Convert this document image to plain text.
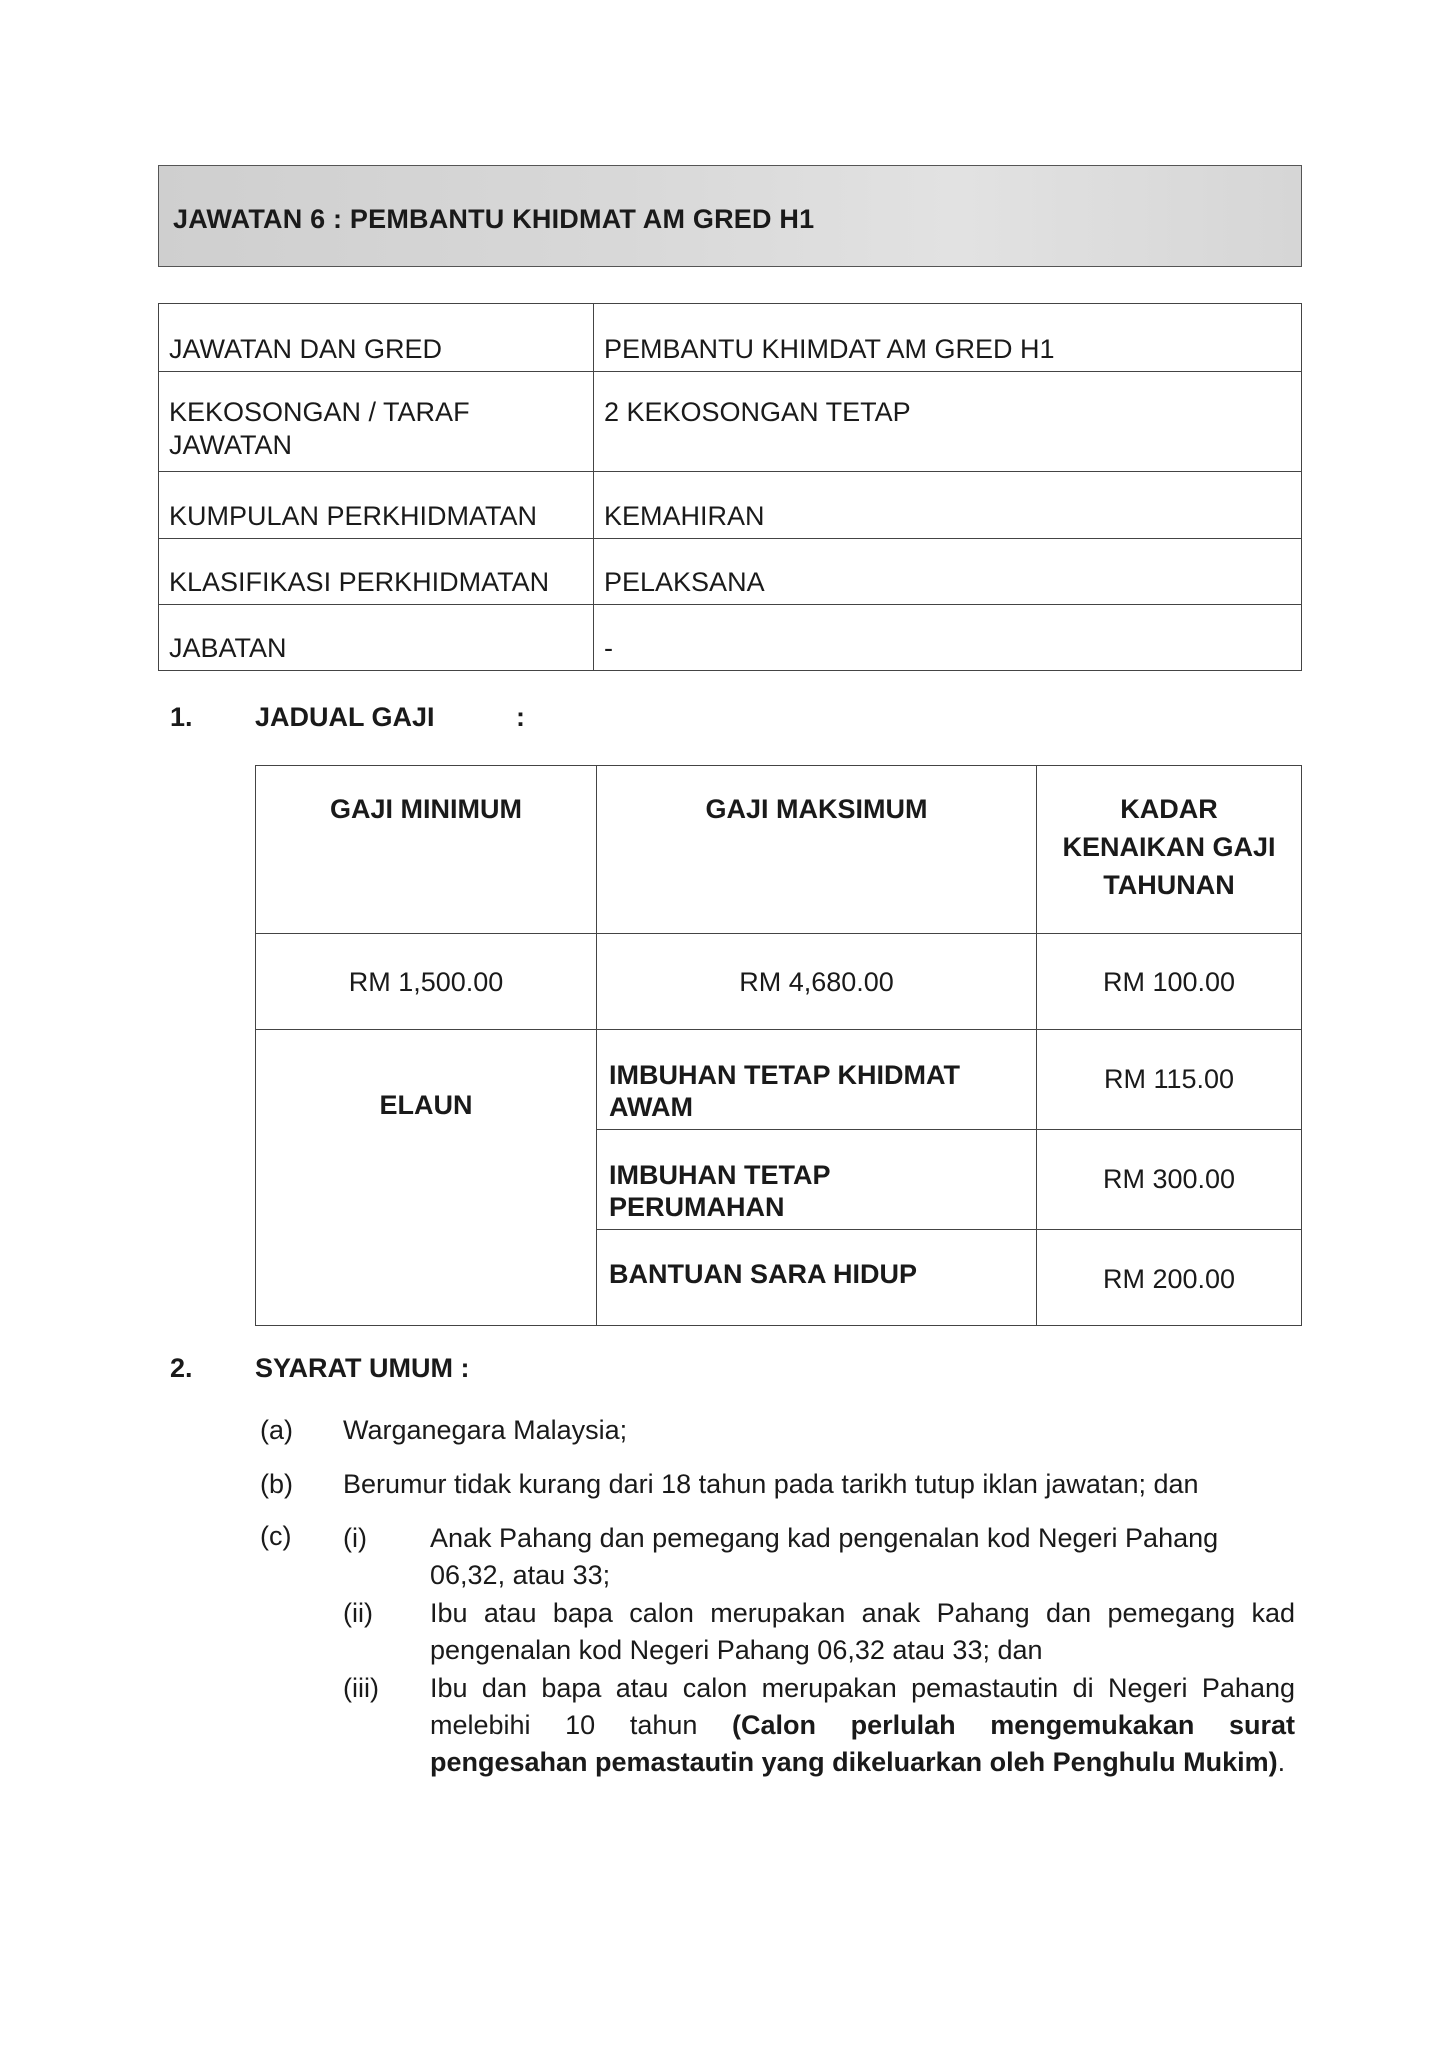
JAWATAN 6 : PEMBANTU KHIDMAT AM GRED H1
JAWATAN DAN GRED	PEMBANTU KHIMDAT AM GRED H1
KEKOSONGAN / TARAF JAWATAN	2 KEKOSONGAN TETAP
KUMPULAN PERKHIDMATAN	KEMAHIRAN
KLASIFIKASI PERKHIDMATAN	PELAKSANA
JABATAN	-
1. JADUAL GAJI	:
GAJI MINIMUM	GAJI MAKSIMUM	KADAR KENAIKAN GAJI TAHUNAN
RM 1,500.00	RM 4,680.00	RM 100.00
ELAUN	IMBUHAN TETAP KHIDMAT AWAM	RM 115.00
	IMBUHAN TETAP PERUMAHAN	RM 300.00
	BANTUAN SARA HIDUP	RM 200.00
2. SYARAT UMUM :
(a) Warganegara Malaysia;
(b) Berumur tidak kurang dari 18 tahun pada tarikh tutup iklan jawatan; dan
(c) (i) Anak Pahang dan pemegang kad pengenalan kod Negeri Pahang 06,32, atau 33;
(ii) Ibu atau bapa calon merupakan anak Pahang dan pemegang kad pengenalan kod Negeri Pahang 06,32 atau 33; dan
(iii) Ibu dan bapa atau calon merupakan pemastautin di Negeri Pahang melebihi 10 tahun (Calon perlulah mengemukakan surat pengesahan pemastautin yang dikeluarkan oleh Penghulu Mukim).
